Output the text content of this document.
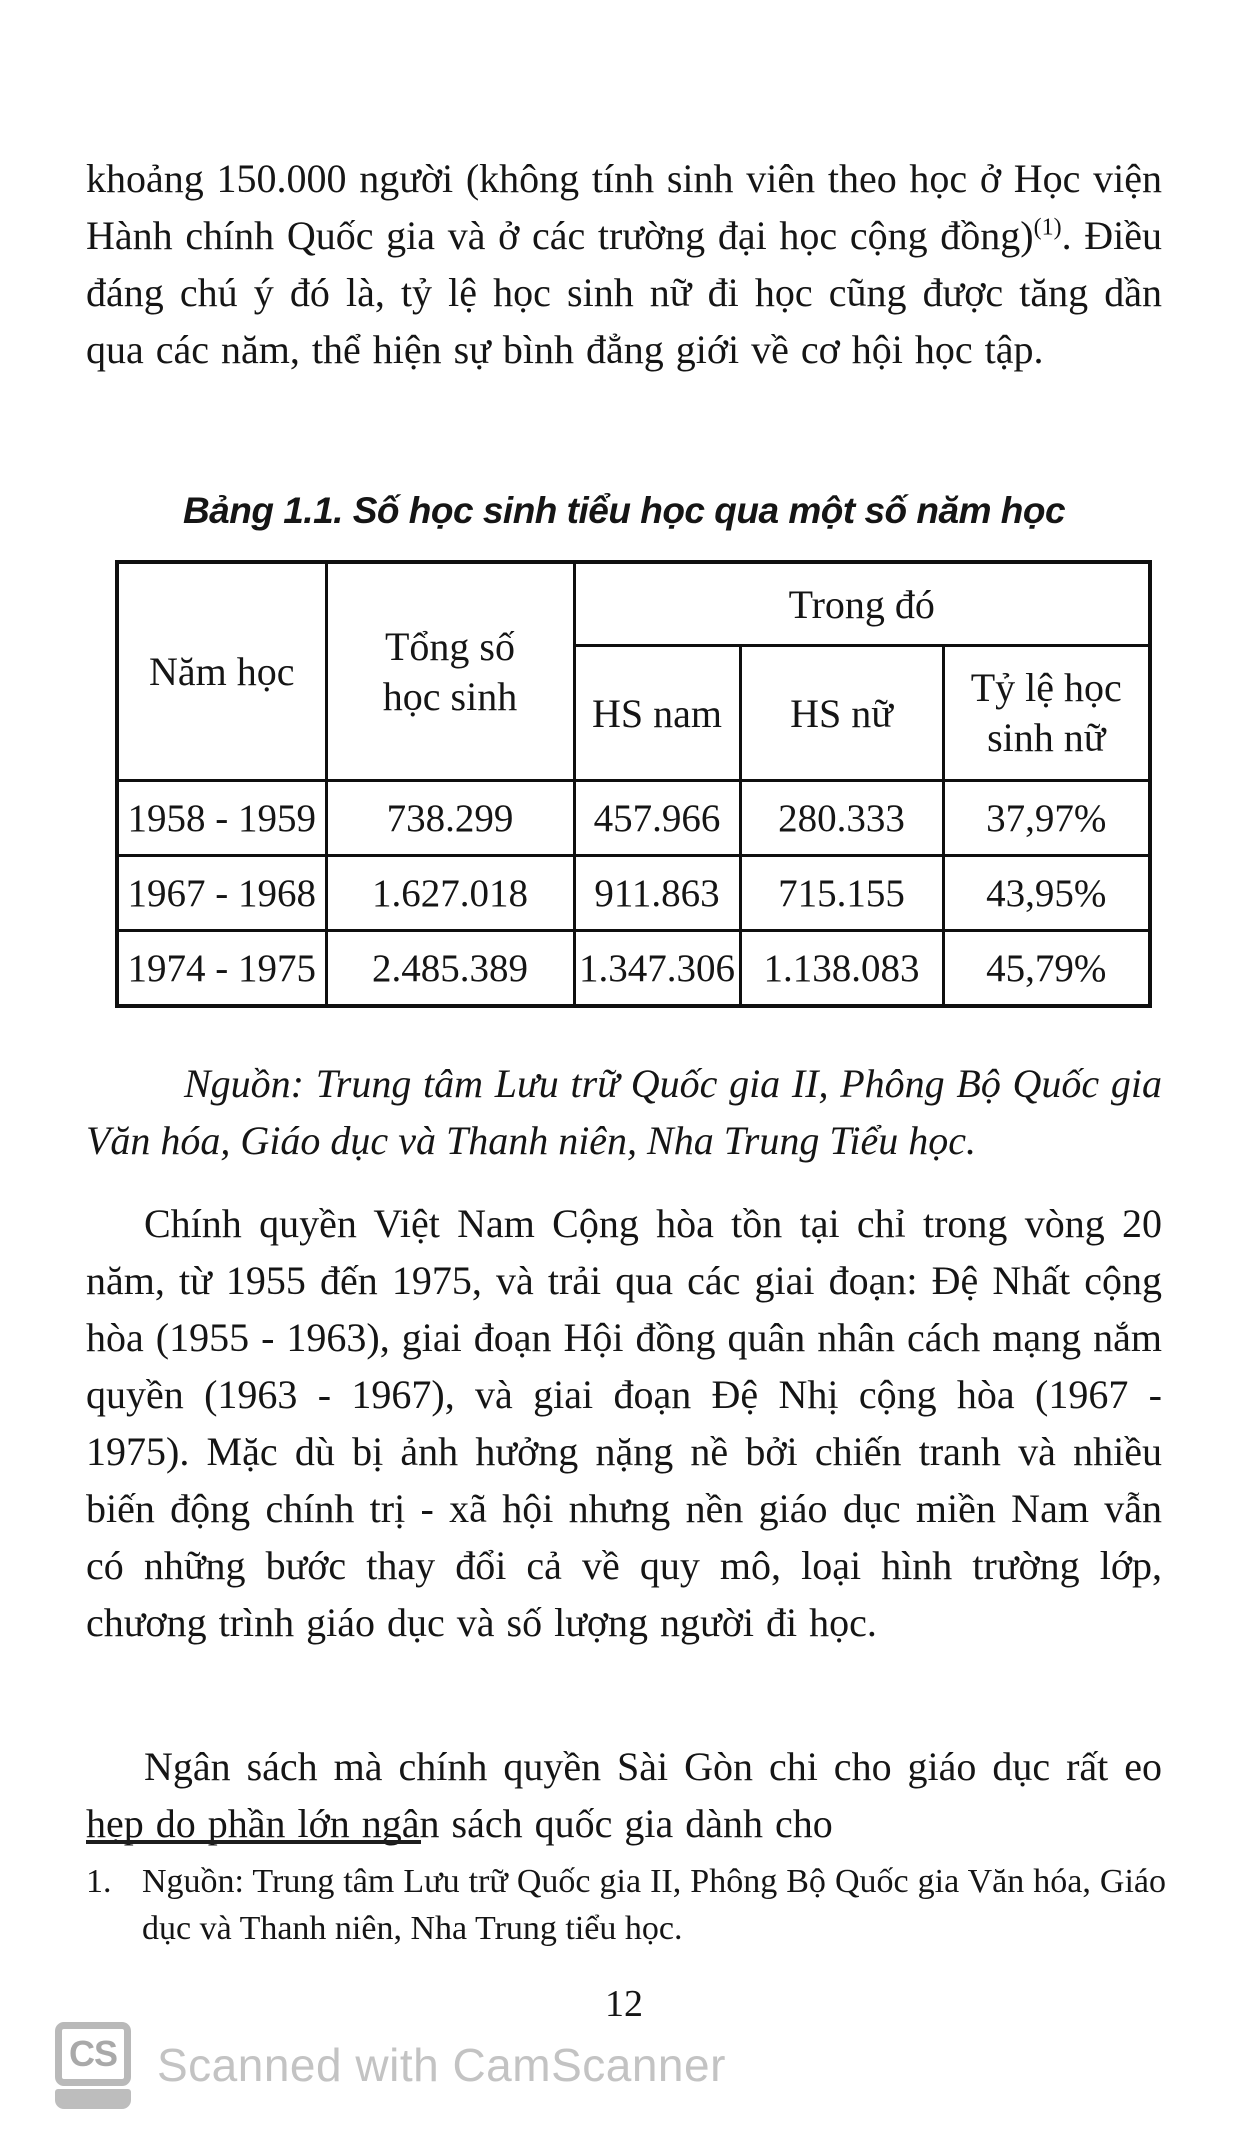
khoảng 150.000 người (không tính sinh viên theo học ở Học viện Hành chính Quốc gia và ở các trường đại học cộng đồng)$^{(1)}$. Điều đáng chú ý đó là, tỷ lệ học sinh nữ đi học cũng được tăng dần qua các năm, thể hiện sự bình đẳng giới về cơ hội học tập.

Bảng 1.1. Số học sinh tiểu học qua một số năm học
Năm học	Tổng số học sinh	Trong đó		
		HS nam	HS nữ	Tỷ lệ học sinh nữ
1958 - 1959	738.299	457.966	280.333	37,97%
1967 - 1968	1.627.018	911.863	715.155	43,95%
1974 - 1975	2.485.389	1.347.306	1.138.083	45,79%

Nguồn: Trung tâm Lưu trữ Quốc gia II, Phông Bộ Quốc gia Văn hóa, Giáo dục và Thanh niên, Nha Trung Tiểu học.

Chính quyền Việt Nam Cộng hòa tồn tại chỉ trong vòng 20 năm, từ 1955 đến 1975, và trải qua các giai đoạn: Đệ Nhất cộng hòa (1955 - 1963), giai đoạn Hội đồng quân nhân cách mạng nắm quyền (1963 - 1967), và giai đoạn Đệ Nhị cộng hòa (1967 - 1975). Mặc dù bị ảnh hưởng nặng nề bởi chiến tranh và nhiều biến động chính trị - xã hội nhưng nền giáo dục miền Nam vẫn có những bước thay đổi cả về quy mô, loại hình trường lớp, chương trình giáo dục và số lượng người đi học.

Ngân sách mà chính quyền Sài Gòn chi cho giáo dục rất eo hẹp do phần lớn ngân sách quốc gia dành cho

1. Nguồn: Trung tâm Lưu trữ Quốc gia II, Phông Bộ Quốc gia Văn hóa, Giáo dục và Thanh niên, Nha Trung tiểu học.
12
CS Scanned with CamScanner
